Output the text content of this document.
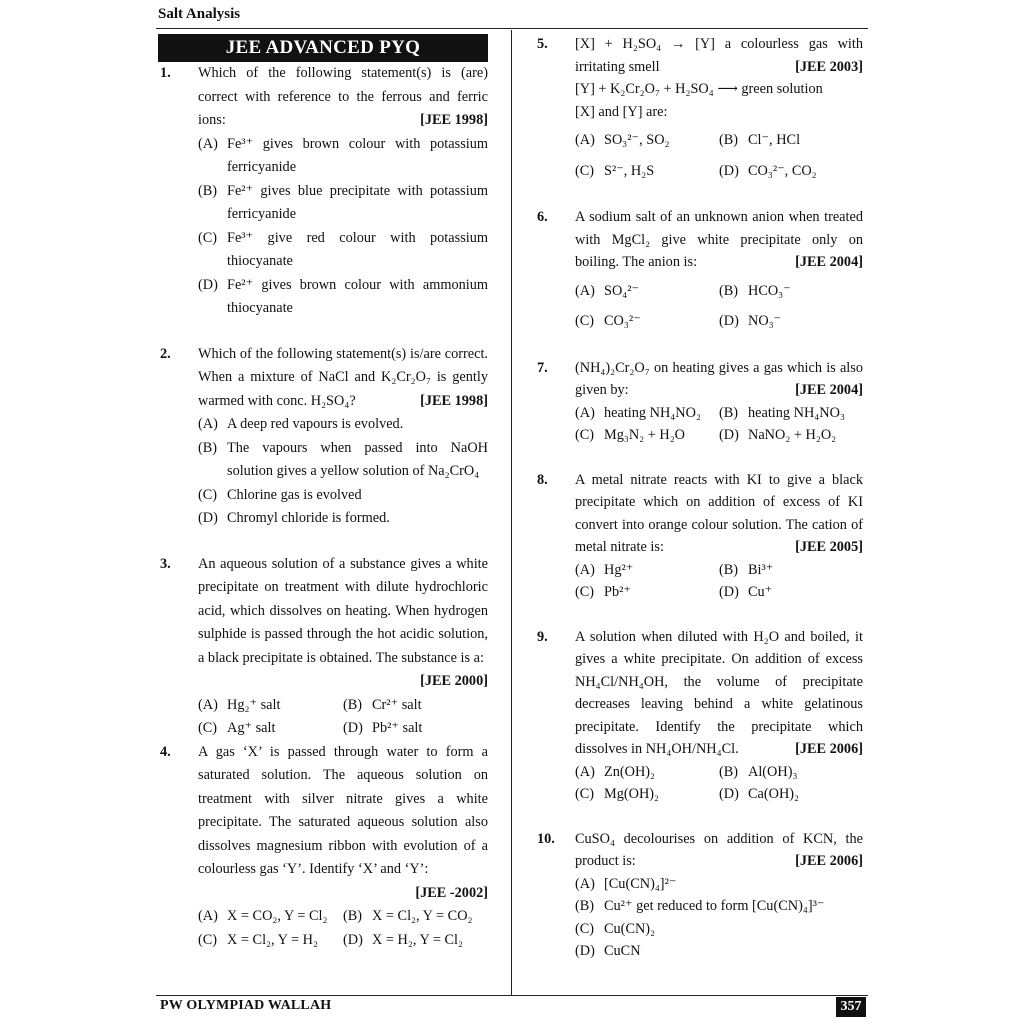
Salt Analysis
JEE ADVANCED PYQ
1. Which of the following statement(s) is (are) correct with reference to the ferrous and ferric ions:	[JEE 1998]
(A) Fe³⁺ gives brown colour with potassium ferricyanide
(B) Fe²⁺ gives blue precipitate with potassium ferricyanide
(C) Fe³⁺ give red colour with potassium thiocyanate
(D) Fe²⁺ gives brown colour with ammonium thiocyanate
2. Which of the following statement(s) is/are correct. When a mixture of NaCl and K₂Cr₂O₇ is gently warmed with conc. H₂SO₄?	[JEE 1998]
(A) A deep red vapours is evolved.
(B) The vapours when passed into NaOH solution gives a yellow solution of Na₂CrO₄
(C) Chlorine gas is evolved
(D) Chromyl chloride is formed.
3. An aqueous solution of a substance gives a white precipitate on treatment with dilute hydrochloric acid, which dissolves on heating. When hydrogen sulphide is passed through the hot acidic solution, a black precipitate is obtained. The substance is a:
[JEE 2000]
(A) Hg₂⁺ salt	(B) Cr²⁺ salt
(C) Ag⁺ salt	(D) Pb²⁺ salt
4. A gas ‘X’ is passed through water to form a saturated solution. The aqueous solution on treatment with silver nitrate gives a white precipitate. The saturated aqueous solution also dissolves magnesium ribbon with evolution of a colourless gas ‘Y’. Identify ‘X’ and ‘Y’:
[JEE -2002]
(A) X = CO₂, Y = Cl₂	(B) X = Cl₂, Y = CO₂
(C) X = Cl₂, Y = H₂	(D) X = H₂, Y = Cl₂
5. [X] + H₂SO₄ → [Y] a colourless gas with irritating smell	[JEE 2003]
[Y] + K₂Cr₂O₇ + H₂SO₄ ⟶ green solution
[X] and [Y] are:
(A) SO₃²⁻, SO₂	(B) Cl⁻, HCl
(C) S²⁻, H₂S	(D) CO₃²⁻, CO₂
6. A sodium salt of an unknown anion when treated with MgCl₂ give white precipitate only on boiling. The anion is:	[JEE 2004]
(A) SO₄²⁻	(B) HCO₃⁻
(C) CO₃²⁻	(D) NO₃⁻
7. (NH₄)₂Cr₂O₇ on heating gives a gas which is also given by:	[JEE 2004]
(A) heating NH₄NO₂	(B) heating NH₄NO₃
(C) Mg₃N₂ + H₂O	(D) NaNO₂ + H₂O₂
8. A metal nitrate reacts with KI to give a black precipitate which on addition of excess of KI convert into orange colour solution. The cation of metal nitrate is:	[JEE 2005]
(A) Hg²⁺	(B) Bi³⁺
(C) Pb²⁺	(D) Cu⁺
9. A solution when diluted with H₂O and boiled, it gives a white precipitate. On addition of excess NH₄Cl/NH₄OH, the volume of precipitate decreases leaving behind a white gelatinous precipitate. Identify the precipitate which dissolves in NH₄OH/NH₄Cl.	[JEE 2006]
(A) Zn(OH)₂	(B) Al(OH)₃
(C) Mg(OH)₂	(D) Ca(OH)₂
10. CuSO₄ decolourises on addition of KCN, the product is:	[JEE 2006]
(A) [Cu(CN)₄]²⁻
(B) Cu²⁺ get reduced to form [Cu(CN)₄]³⁻
(C) Cu(CN)₂
(D) CuCN
PW OLYMPIAD WALLAH	357
